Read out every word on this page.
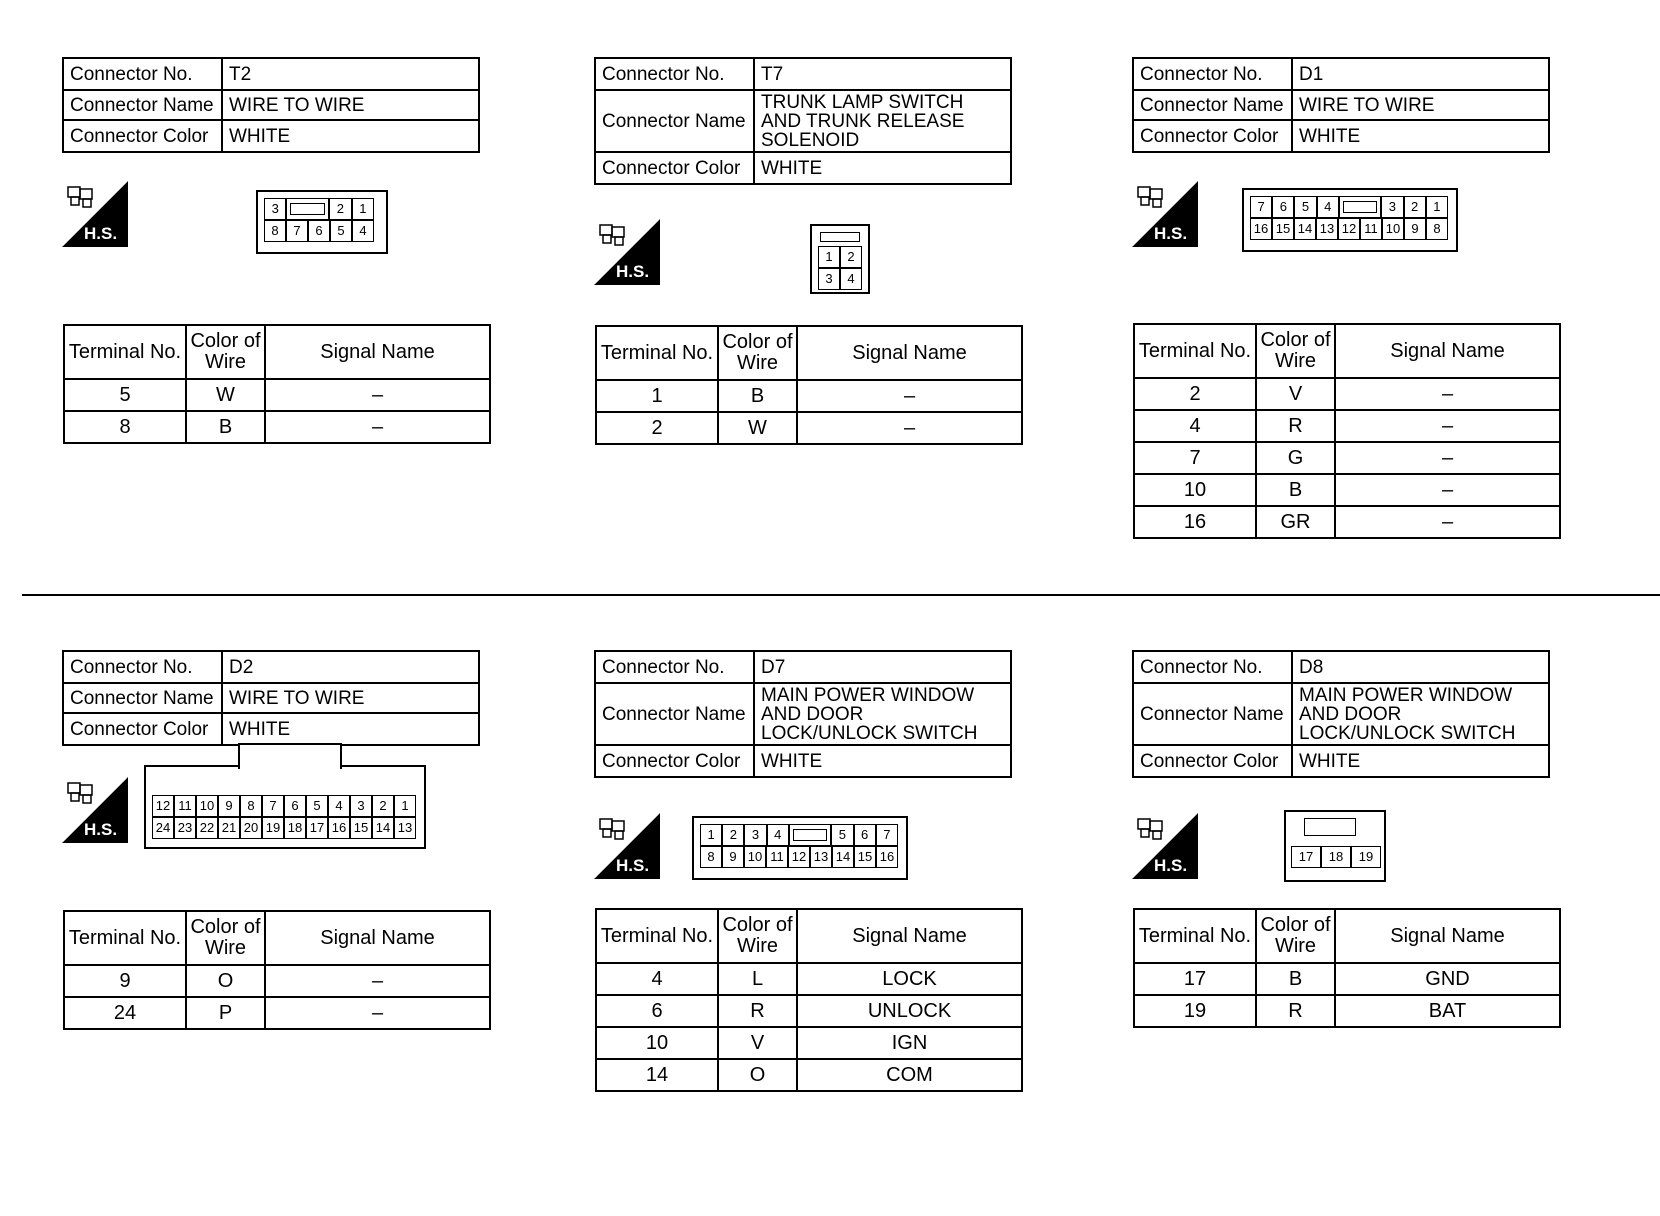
Connector No.	T2
Connector Name	WIRE TO WIRE
Connector Color	WHITE
H.S.
3	2	1
8	7	6	5	4
Terminal No.	Color of Wire	Signal Name
5	W	–
8	B	–
Connector No.	T7
Connector Name	TRUNK LAMP SWITCH AND TRUNK RELEASE SOLENOID
Connector Color	WHITE
H.S.
1	2
3	4
Terminal No.	Color of Wire	Signal Name
1	B	–
2	W	–
Connector No.	D1
Connector Name	WIRE TO WIRE
Connector Color	WHITE
H.S.
7	6	5	4	3	2	1
16 15 14 13 12 11 10 9	8
Terminal No.	Color of Wire	Signal Name
2	V	–
4	R	–
7	G	–
10	B	–
16	GR	–
Connector No.	D2
Connector Name	WIRE TO WIRE
Connector Color	WHITE
H.S.
12 11 10 9	8	7	6	5	4	3	2	1
24 23 22 21 20 19 18 17 16 15 14 13
Terminal No.	Color of Wire	Signal Name
9	O	–
24	P	–
Connector No.	D7
Connector Name	MAIN POWER WINDOW AND DOOR LOCK/UNLOCK SWITCH
Connector Color	WHITE
H.S.
1	2	3	4	5	6	7
8	9 10 11 12 13 14 15 16
Terminal No.	Color of Wire	Signal Name
4	L	LOCK
6	R	UNLOCK
10	V	IGN
14	O	COM
Connector No.	D8
Connector Name	MAIN POWER WINDOW AND DOOR LOCK/UNLOCK SWITCH
Connector Color	WHITE
H.S.	17	18	19
Terminal No.	Color of Wire	Signal Name
17	B	GND
19	R	BAT
